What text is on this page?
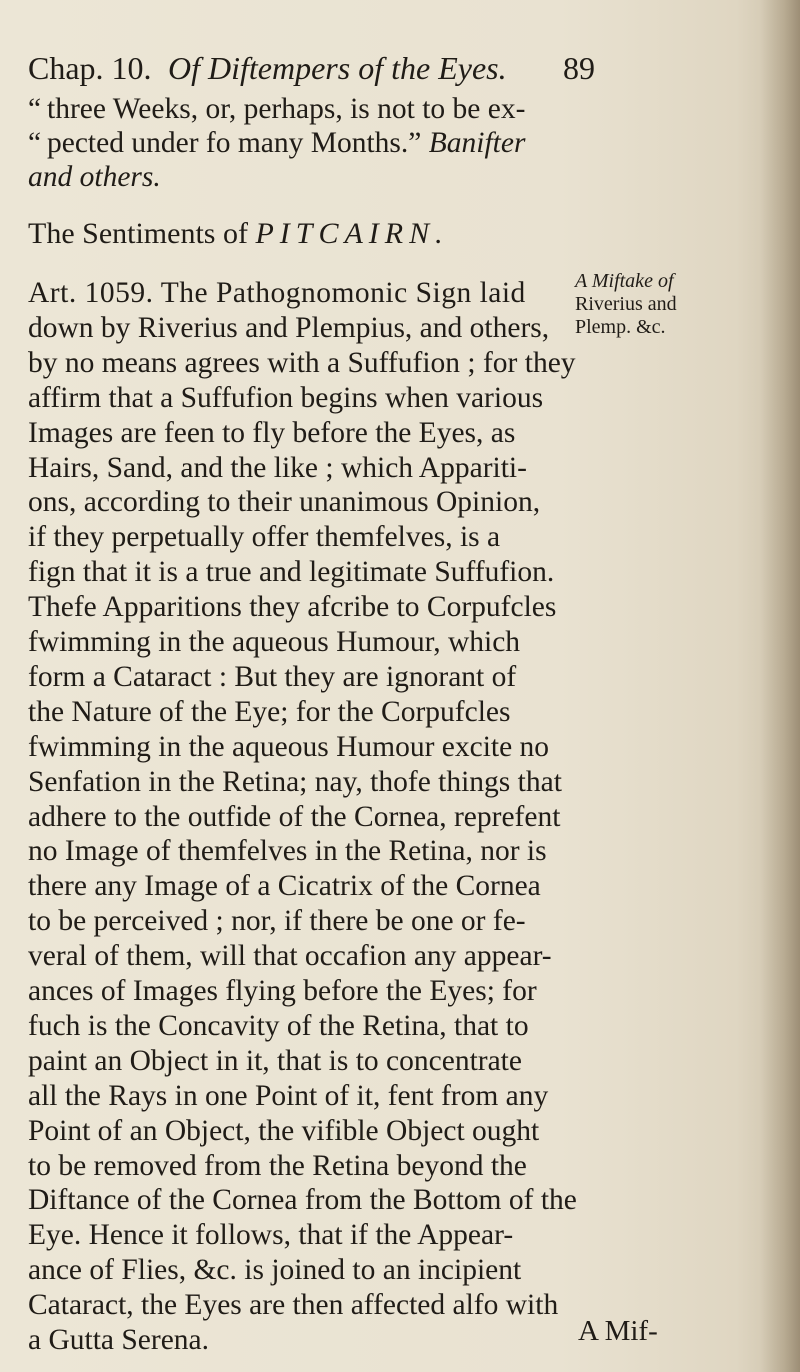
Chap. 10. Of Diftempers of the Eyes. 89
“ three Weeks, or, perhaps, is not to be ex-
“ pected under fo many Months.” Banifter
and others.
The Sentiments of PITCAIRN.
A Miftake of
Riverius and
Plemp. &c.
Art. 1059. The Pathognomonic Sign laid
down by Riverius and Plempius, and others,
by no means agrees with a Suffufion ; for they
affirm that a Suffufion begins when various
Images are feen to fly before the Eyes, as
Hairs, Sand, and the like ; which Appariti-
ons, according to their unanimous Opinion,
if they perpetually offer themfelves, is a
fign that it is a true and legitimate Suffufion.
Thefe Apparitions they afcribe to Corpufcles
fwimming in the aqueous Humour, which
form a Cataract : But they are ignorant of
the Nature of the Eye; for the Corpufcles
fwimming in the aqueous Humour excite no
Senfation in the Retina; nay, thofe things that
adhere to the outfide of the Cornea, reprefent
no Image of themfelves in the Retina, nor is
there any Image of a Cicatrix of the Cornea
to be perceived ; nor, if there be one or fe-
veral of them, will that occafion any appear-
ances of Images flying before the Eyes; for
fuch is the Concavity of the Retina, that to
paint an Object in it, that is to concentrate
all the Rays in one Point of it, fent from any
Point of an Object, the vifible Object ought
to be removed from the Retina beyond the
Diftance of the Cornea from the Bottom of the
Eye. Hence it follows, that if the Appear-
ance of Flies, &c. is joined to an incipient
Cataract, the Eyes are then affected alfo with
a Gutta Serena.	A Mif-
